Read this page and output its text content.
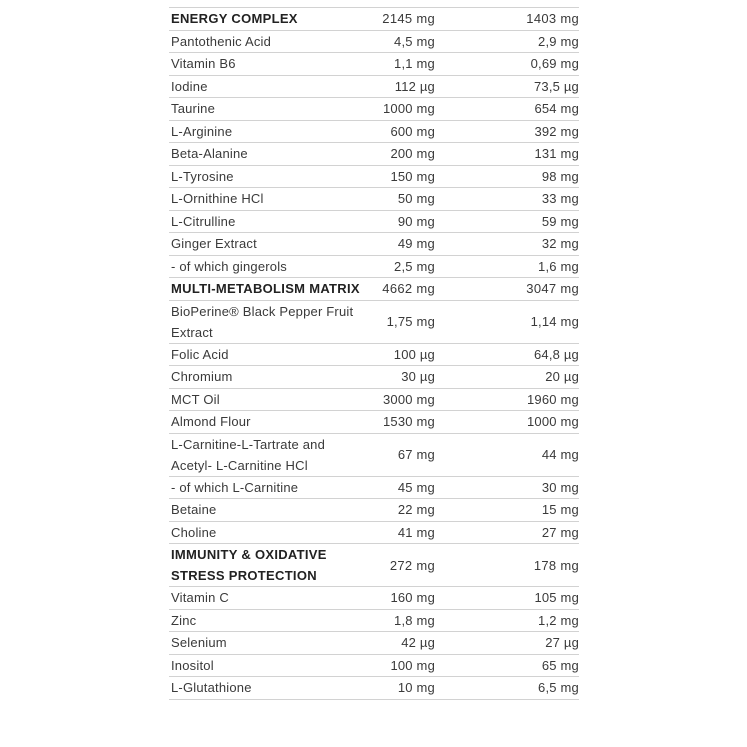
ENERGY COMPLEX	2145 mg	1403 mg
Pantothenic Acid	4,5 mg	2,9 mg
Vitamin B6	1,1 mg	0,69 mg
Iodine	112 µg	73,5 µg
Taurine	1000 mg	654 mg
L-Arginine	600 mg	392 mg
Beta-Alanine	200 mg	131 mg
L-Tyrosine	150 mg	98 mg
L-Ornithine HCl	50 mg	33 mg
L-Citrulline	90 mg	59 mg
Ginger Extract	49 mg	32 mg
- of which gingerols	2,5 mg	1,6 mg
MULTI-METABOLISM MATRIX	4662 mg	3047 mg
BioPerine® Black Pepper Fruit Extract	1,75 mg	1,14 mg
Folic Acid	100 µg	64,8 µg
Chromium	30 µg	20 µg
MCT Oil	3000 mg	1960 mg
Almond Flour	1530 mg	1000 mg
L-Carnitine-L-Tartrate and Acetyl- L-Carnitine HCl	67 mg	44 mg
- of which L-Carnitine	45 mg	30 mg
Betaine	22 mg	15 mg
Choline	41 mg	27 mg
IMMUNITY & OXIDATIVE STRESS PROTECTION	272 mg	178 mg
Vitamin C	160 mg	105 mg
Zinc	1,8 mg	1,2 mg
Selenium	42 µg	27 µg
Inositol	100 mg	65 mg
L-Glutathione	10 mg	6,5 mg
